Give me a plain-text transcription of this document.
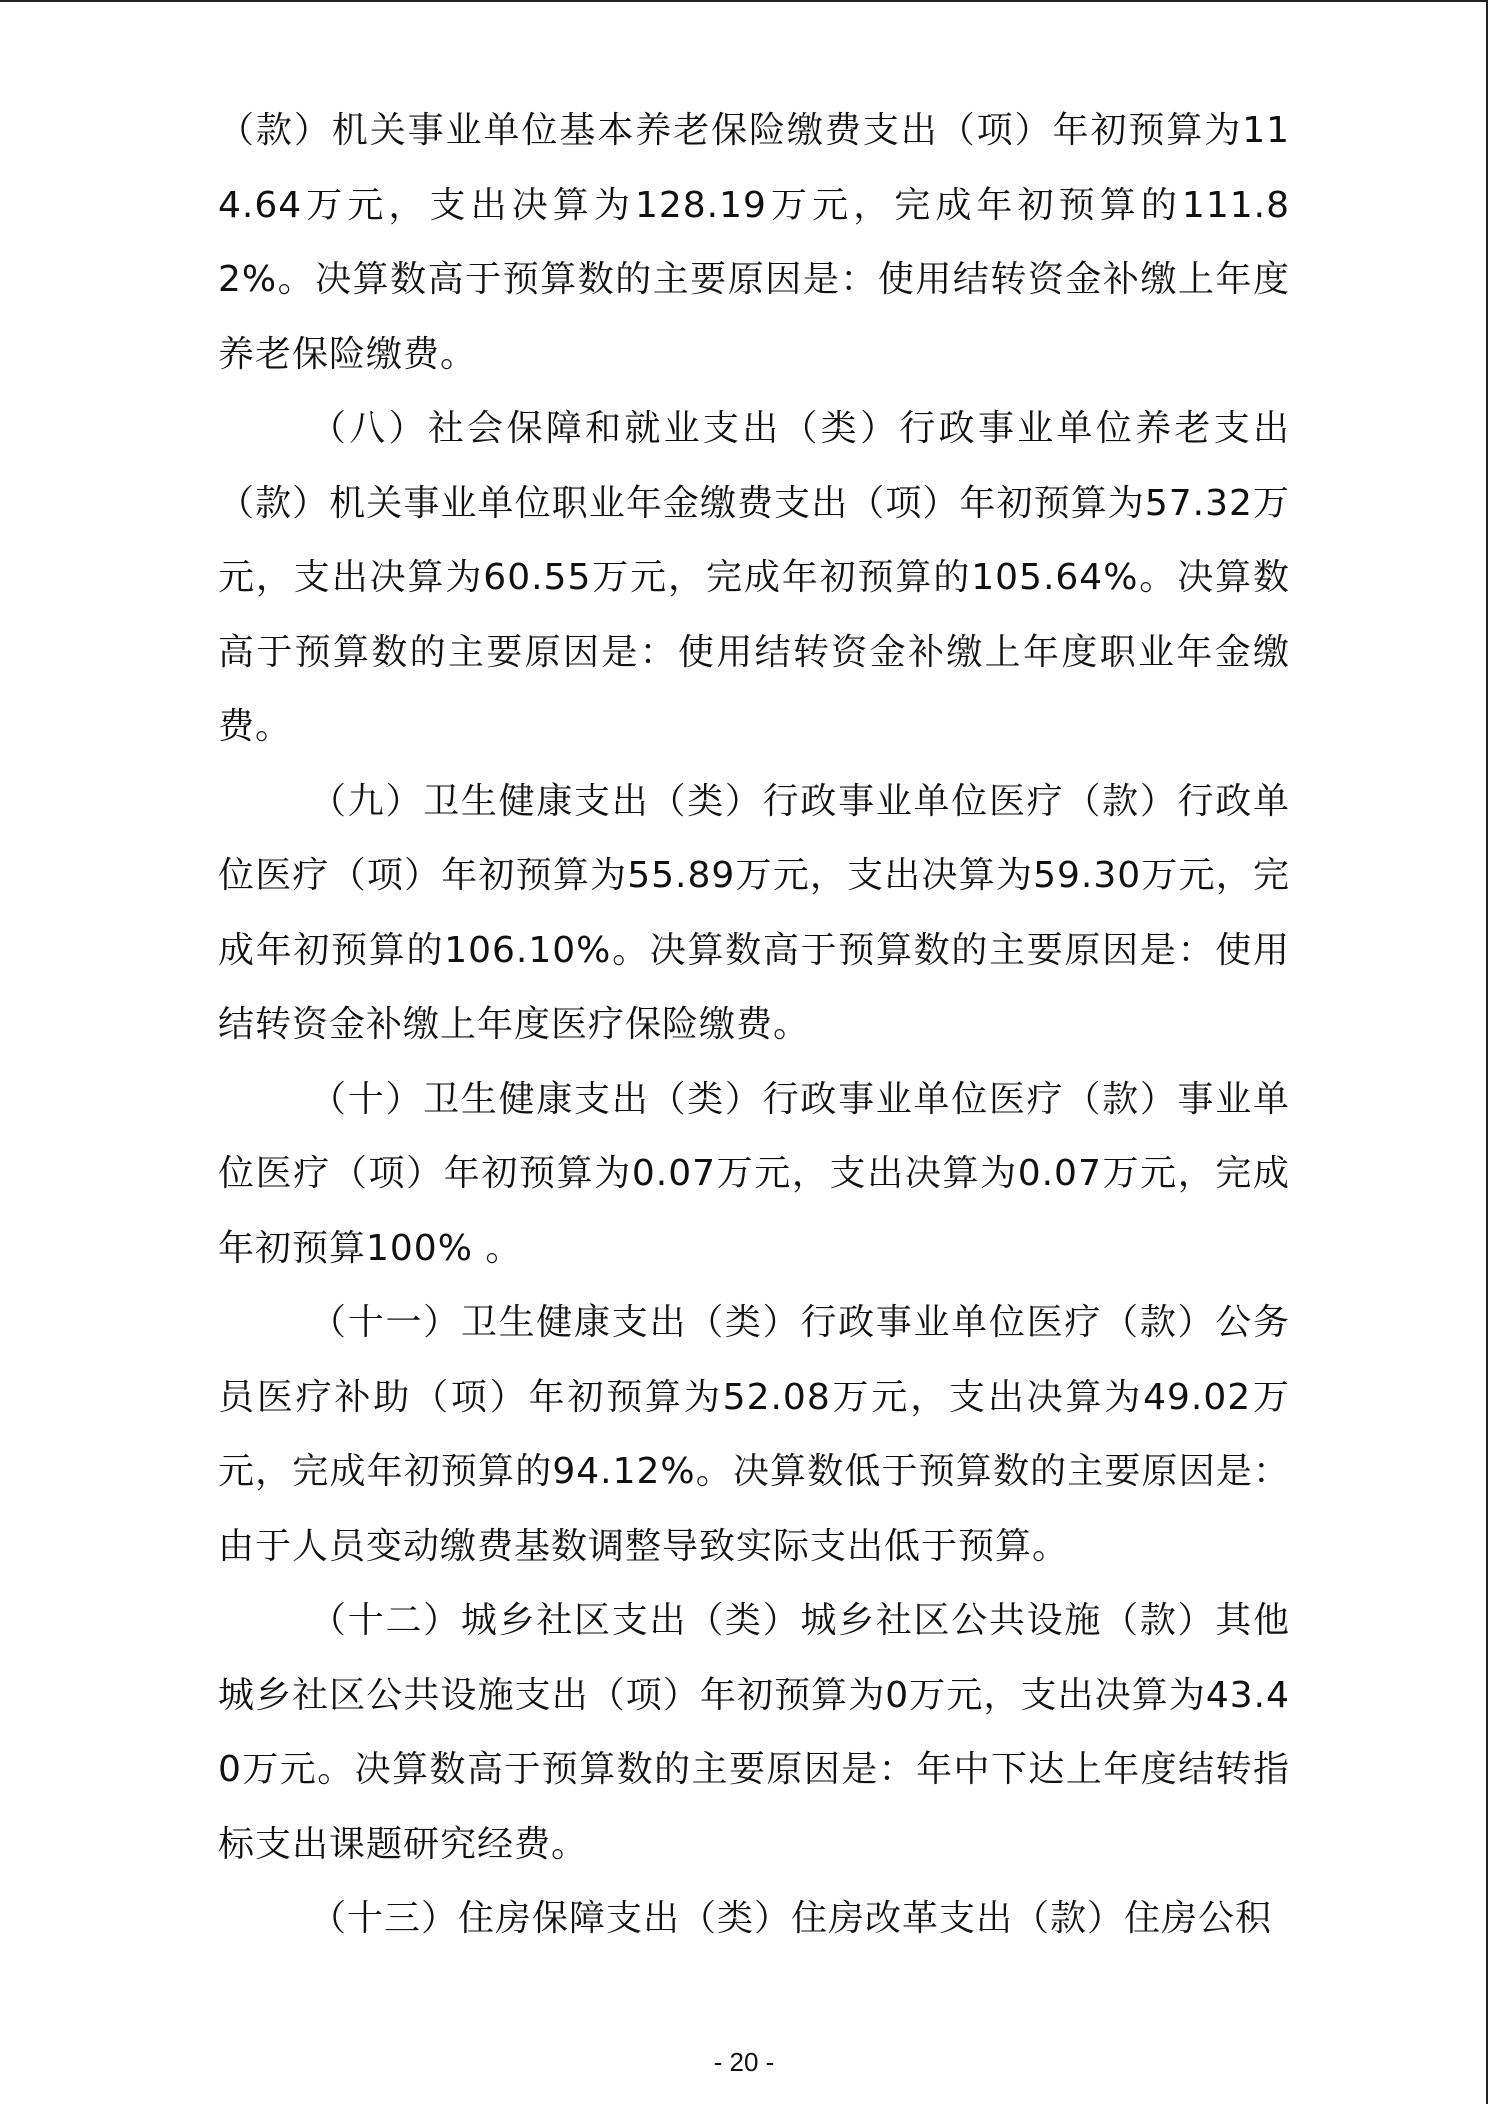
（款）机关事业单位基本养老保险缴费支出（项）年初预算为114.64万元，支出决算为128.19万元，完成年初预算的111.82%。决算数高于预算数的主要原因是：使用结转资金补缴上年度养老保险缴费。

（八）社会保障和就业支出（类）行政事业单位养老支出（款）机关事业单位职业年金缴费支出（项）年初预算为57.32万元，支出决算为60.55万元，完成年初预算的105.64%。决算数高于预算数的主要原因是：使用结转资金补缴上年度职业年金缴费。

（九）卫生健康支出（类）行政事业单位医疗（款）行政单位医疗（项）年初预算为55.89万元，支出决算为59.30万元，完成年初预算的106.10%。决算数高于预算数的主要原因是：使用结转资金补缴上年度医疗保险缴费。

（十）卫生健康支出（类）行政事业单位医疗（款）事业单位医疗（项）年初预算为0.07万元，支出决算为0.07万元，完成年初预算100% 。

（十一）卫生健康支出（类）行政事业单位医疗（款）公务员医疗补助（项）年初预算为52.08万元，支出决算为49.02万元，完成年初预算的94.12%。决算数低于预算数的主要原因是：由于人员变动缴费基数调整导致实际支出低于预算。

（十二）城乡社区支出（类）城乡社区公共设施（款）其他城乡社区公共设施支出（项）年初预算为0万元，支出决算为43.40万元。决算数高于预算数的主要原因是：年中下达上年度结转指标支出课题研究经费。

（十三）住房保障支出（类）住房改革支出（款）住房公积

- 20 -
